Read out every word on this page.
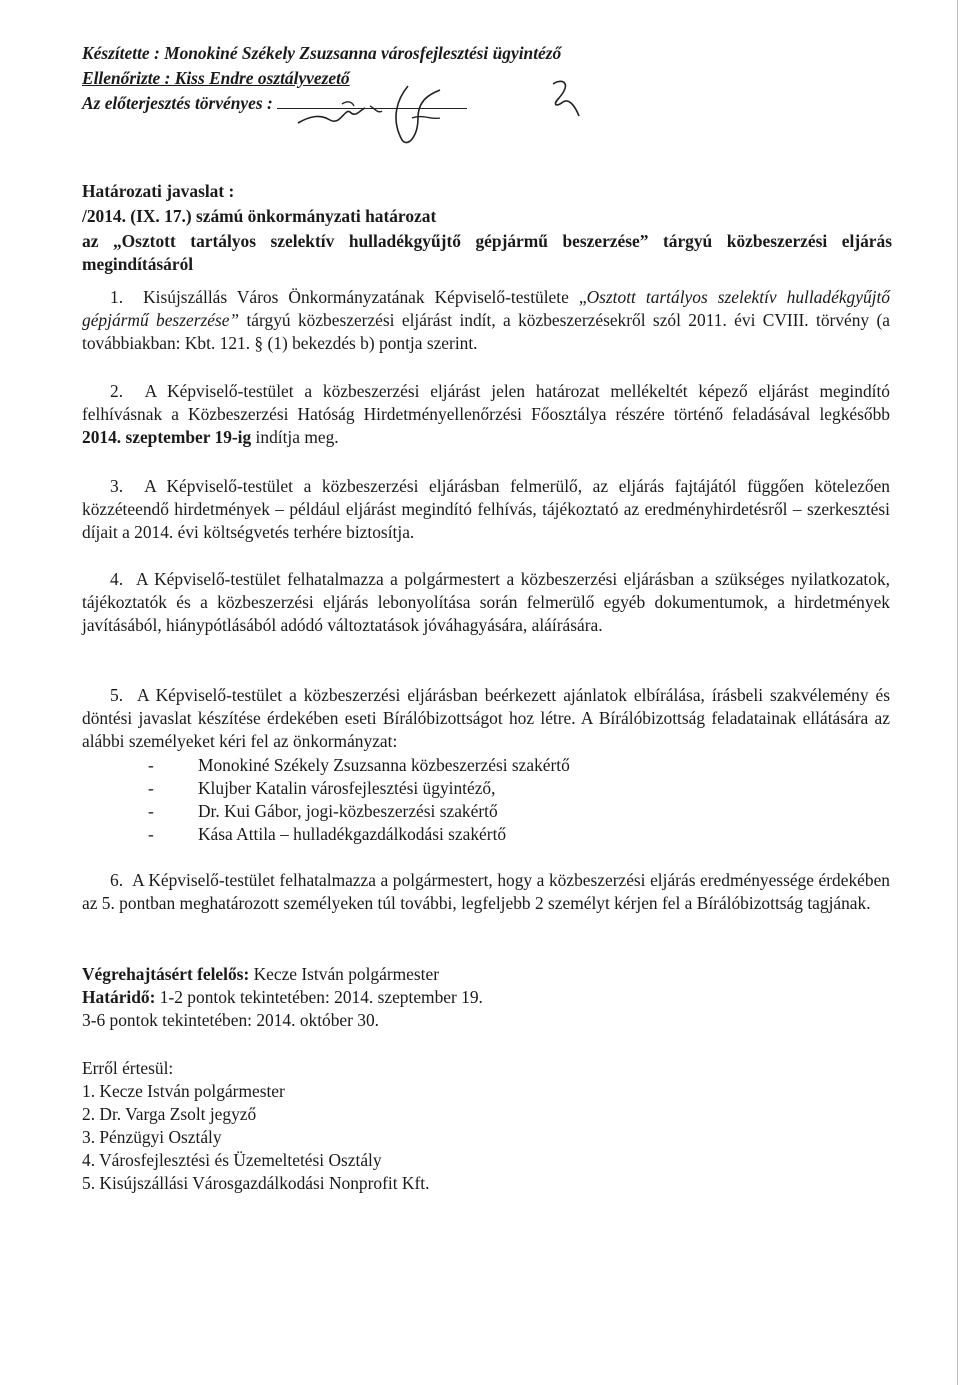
Készítette : Monokiné Székely Zsuzsanna városfejlesztési ügyintéző
Ellenőrizte : Kiss Endre osztályvezető
Az előterjesztés törvényes :
Határozati javaslat :
/2014. (IX. 17.) számú önkormányzati határozat
az „Osztott tartályos szelektív hulladékgyűjtő gépjármű beszerzése” tárgyú közbeszerzési eljárás megindításáról
1. Kisújszállás Város Önkormányzatának Képviselő-testülete „Osztott tartályos szelektív hulladékgyűjtő gépjármű beszerzése” tárgyú közbeszerzési eljárást indít, a közbeszerzésekről szól 2011. évi CVIII. törvény (a továbbiakban: Kbt. 121. § (1) bekezdés b) pontja szerint.
2. A Képviselő-testület a közbeszerzési eljárást jelen határozat mellékeltét képező eljárást megindító felhívásnak a Közbeszerzési Hatóság Hirdetményellenőrzési Főosztálya részére történő feladásával legkésőbb 2014. szeptember 19-ig indítja meg.
3. A Képviselő-testület a közbeszerzési eljárásban felmerülő, az eljárás fajtájától függően kötelezően közzéteendő hirdetmények – például eljárást megindító felhívás, tájékoztató az eredményhirdetésről – szerkesztési díjait a 2014. évi költségvetés terhére biztosítja.
4. A Képviselő-testület felhatalmazza a polgármestert a közbeszerzési eljárásban a szükséges nyilatkozatok, tájékoztatók és a közbeszerzési eljárás lebonyolítása során felmerülő egyéb dokumentumok, a hirdetmények javításából, hiánypótlásából adódó változtatások jóváhagyására, aláírására.
5. A Képviselő-testület a közbeszerzési eljárásban beérkezett ajánlatok elbírálása, írásbeli szakvélemény és döntési javaslat készítése érdekében eseti Bírálóbizottságot hoz létre. A Bírálóbizottság feladatainak ellátására az alábbi személyeket kéri fel az önkormányzat:
-	Monokiné Székely Zsuzsanna közbeszerzési szakértő
-	Klujber Katalin városfejlesztési ügyintéző,
-	Dr. Kui Gábor, jogi-közbeszerzési szakértő
-	Kása Attila – hulladékgazdálkodási szakértő
6. A Képviselő-testület felhatalmazza a polgármestert, hogy a közbeszerzési eljárás eredményessége érdekében az 5. pontban meghatározott személyeken túl további, legfeljebb 2 személyt kérjen fel a Bírálóbizottság tagjának.
Végrehajtásért felelős: Kecze István polgármester
Határidő: 1-2 pontok tekintetében: 2014. szeptember 19.
3-6 pontok tekintetében: 2014. október 30.
Erről értesül:
1. Kecze István polgármester
2. Dr. Varga Zsolt jegyző
3. Pénzügyi Osztály
4. Városfejlesztési és Üzemeltetési Osztály
5. Kisújszállási Városgazdálkodási Nonprofit Kft.
